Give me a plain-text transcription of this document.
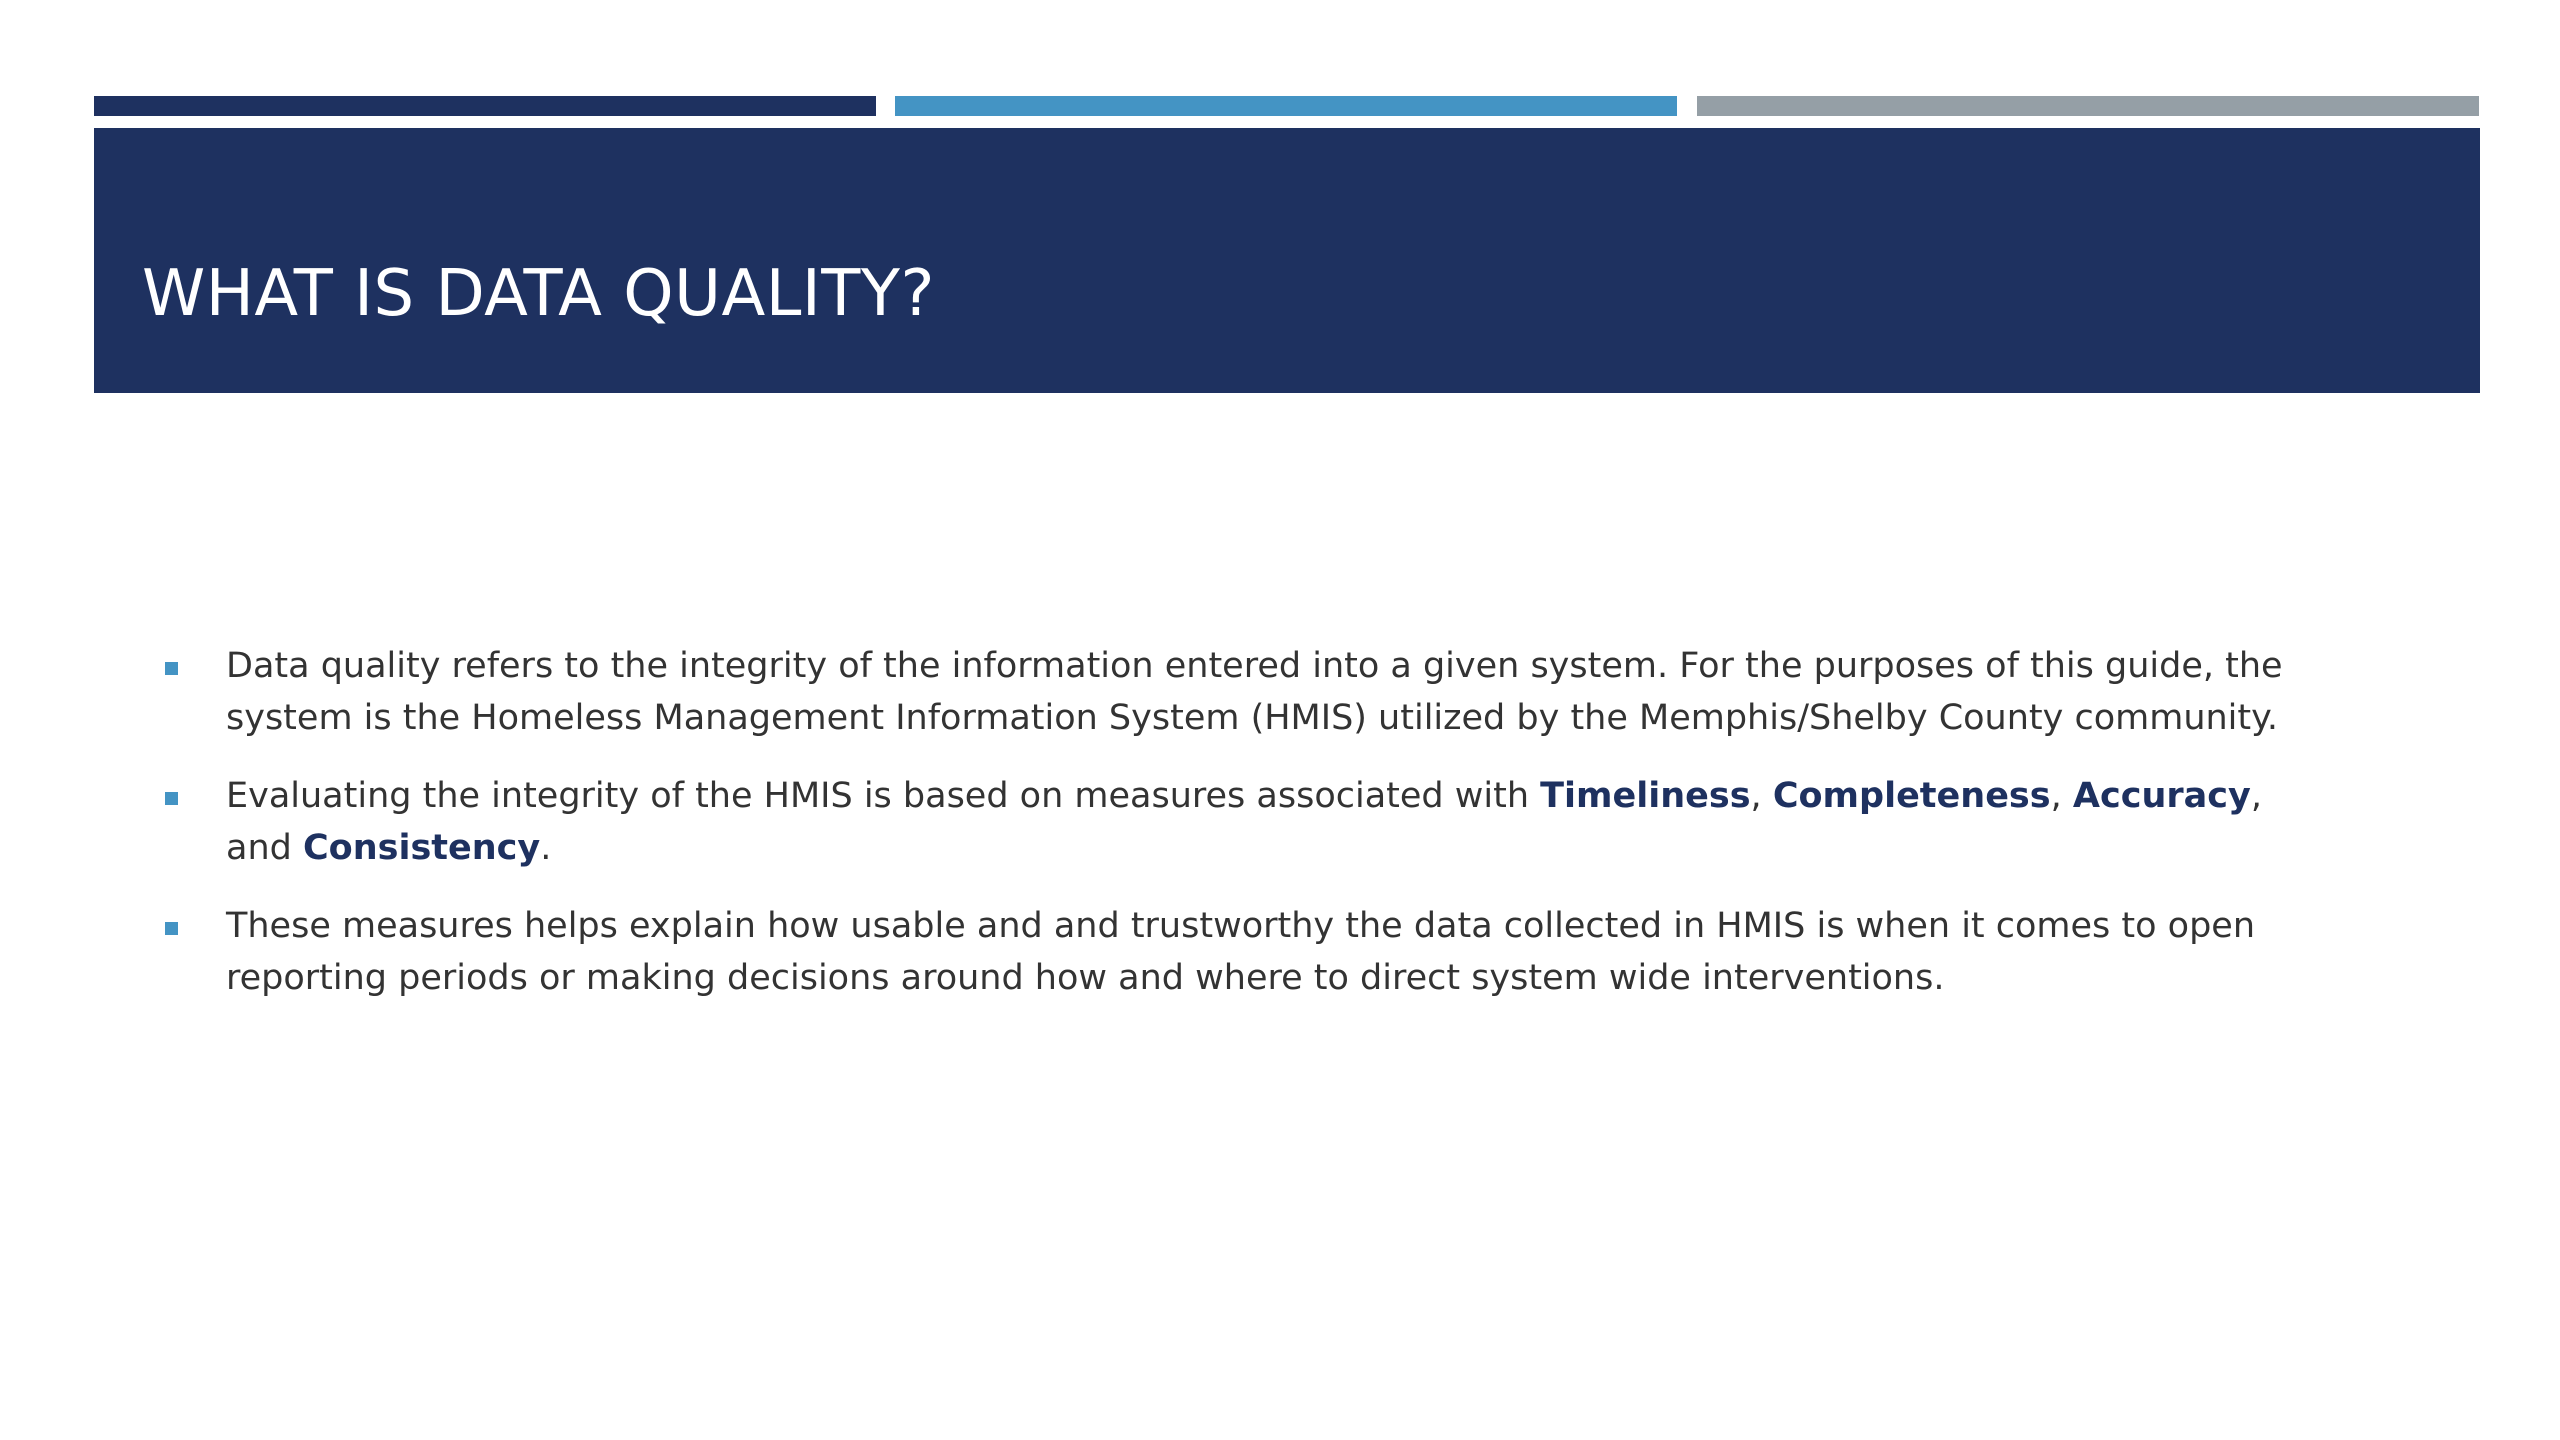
WHAT IS DATA QUALITY?
Data quality refers to the integrity of the information entered into a given system. For the purposes of this guide, the system is the Homeless Management Information System (HMIS) utilized by the Memphis/Shelby County community.
Evaluating the integrity of the HMIS is based on measures associated with Timeliness, Completeness, Accuracy, and Consistency.
These measures helps explain how usable and and trustworthy the data collected in HMIS is when it comes to open reporting periods or making decisions around how and where to direct system wide interventions.
